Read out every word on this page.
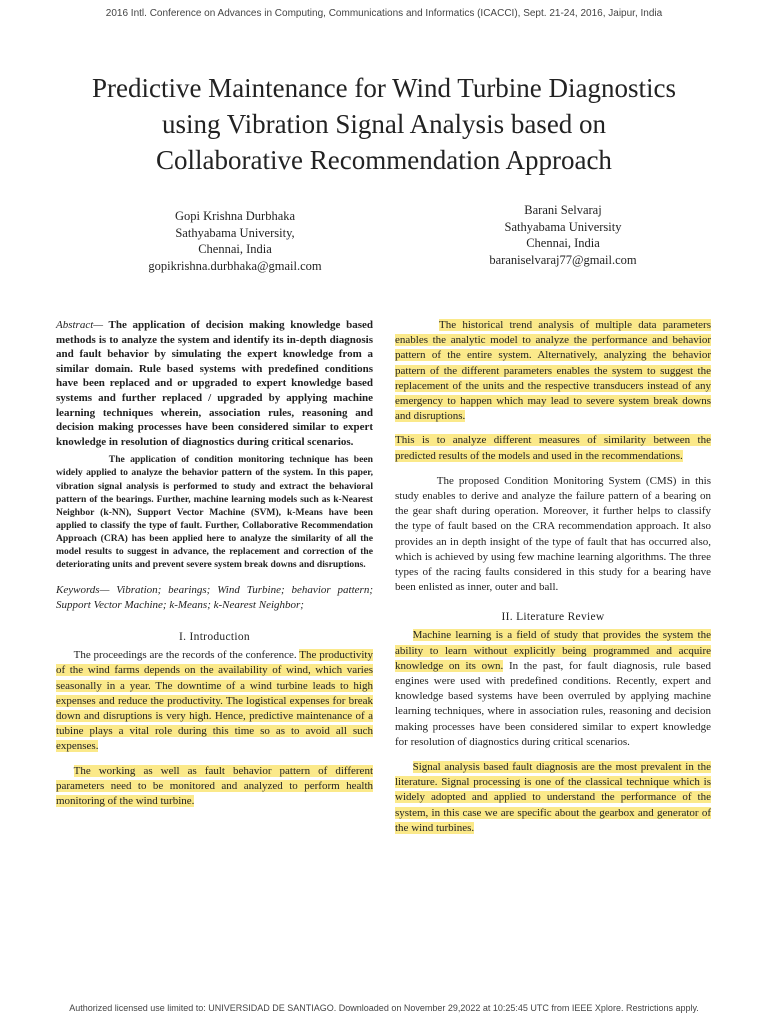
2016 Intl. Conference on Advances in Computing, Communications and Informatics (ICACCI), Sept. 21-24, 2016, Jaipur, India
Predictive Maintenance for Wind Turbine Diagnostics
using Vibration Signal Analysis based on
Collaborative Recommendation Approach
Gopi Krishna Durbhaka
Sathyabama University,
Chennai, India
gopikrishna.durbhaka@gmail.com
Barani Selvaraj
Sathyabama University
Chennai, India
baraniselvaraj77@gmail.com

Abstract— The application of decision making knowledge based methods is to analyze the system and identify its in-depth diagnosis and fault behavior by simulating the expert knowledge from a similar domain. Rule based systems with predefined conditions have been replaced and or upgraded to expert knowledge based systems and further replaced / upgraded by applying machine learning techniques wherein, association rules, reasoning and decision making processes have been considered similar to expert knowledge in resolution of diagnostics during critical scenarios.

The application of condition monitoring technique has been widely applied to analyze the behavior pattern of the system. In this paper, vibration signal analysis is performed to study and extract the behavioral pattern of the bearings. Further, machine learning models such as k-Nearest Neighbor (k-NN), Support Vector Machine (SVM), k-Means have been applied to classify the type of fault. Further, Collaborative Recommendation Approach (CRA) has been applied here to analyze the similarity of all the model results to suggest in advance, the replacement and correction of the deteriorating units and prevent severe system break downs and disruptions.

Keywords— Vibration; bearings; Wind Turbine; behavior pattern; Support Vector Machine; k-Means; k-Nearest Neighbor;

I. Introduction

The proceedings are the records of the conference. The productivity of the wind farms depends on the availability of wind, which varies seasonally in a year. The downtime of a wind turbine leads to high expenses and reduce the productivity. The logistical expenses for break down and disruptions is very high. Hence, predictive maintenance of a tubine plays a vital role during this time so as to avoid all such expenses.

The working as well as fault behavior pattern of different parameters need to be monitored and analyzed to perform health monitoring of the wind turbine.

The historical trend analysis of multiple data parameters enables the analytic model to analyze the performance and behavior pattern of the entire system. Alternatively, analyzing the behavior pattern of the different parameters enables the system to suggest the replacement of the units and the respective transducers instead of any emergency to happen which may lead to severe system break downs and disruptions.

This is to analyze different measures of similarity between the predicted results of the models and used in the recommendations.

The proposed Condition Monitoring System (CMS) in this study enables to derive and analyze the failure pattern of a bearing on the gear shaft during operation. Moreover, it further helps to classify the type of fault based on the CRA recommendation approach. It also provides an in depth insight of the type of fault that has occurred also, which is achieved by using few machine learning algorithms. The three types of the racing faults considered in this study for a bearing have been enlisted as inner, outer and ball.

II. Literature Review

Machine learning is a field of study that provides the system the ability to learn without explicitly being programmed and acquire knowledge on its own. In the past, for fault diagnosis, rule based engines were used with predefined conditions. Recently, expert and knowledge based systems have been overruled by applying machine learning techniques, where in association rules, reasoning and decision making processes have been considered similar to expert knowledge for resolution of diagnostics during critical scenarios.

Signal analysis based fault diagnosis are the most prevalent in the literature. Signal processing is one of the classical technique which is widely adopted and applied to understand the performance of the system, in this case we are specific about the gearbox and generator of the wind turbines.

Authorized licensed use limited to: UNIVERSIDAD DE SANTIAGO. Downloaded on November 29,2022 at 10:25:45 UTC from IEEE Xplore. Restrictions apply.
